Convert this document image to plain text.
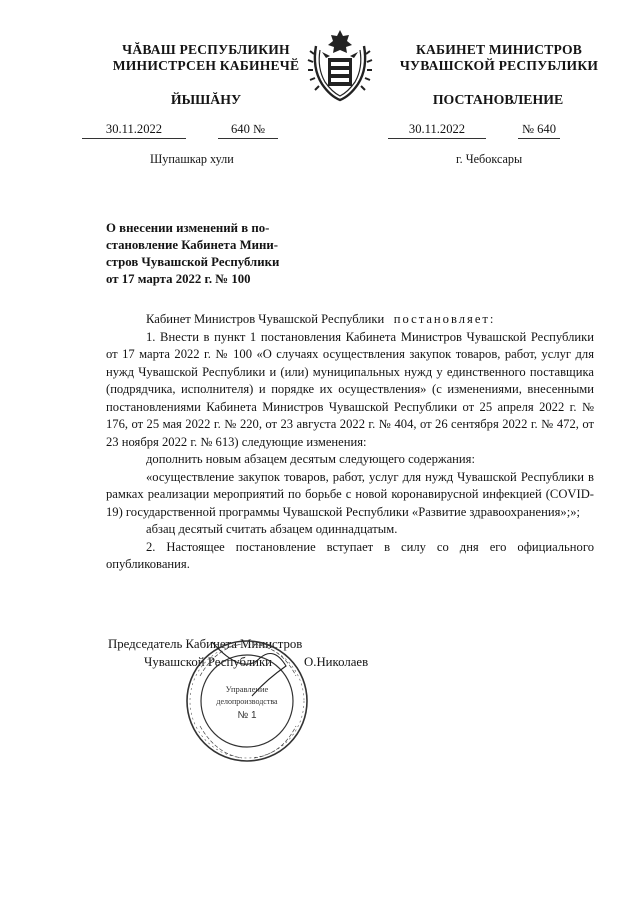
ЧĂВАШ РЕСПУБЛИКИН
МИНИСТРСЕН КАБИНЕЧӖ
ЙЫШĂНУ
КАБИНЕТ МИНИСТРОВ
ЧУВАШСКОЙ РЕСПУБЛИКИ
ПОСТАНОВЛЕНИЕ
30.11.2022	640 №	30.11.2022	№ 640
Шупашкар хули	г. Чебоксары
О внесении изменений в по-
становление Кабинета Мини-
стров Чувашской Республики
от 17 марта 2022 г. № 100

Кабинет Министров Чувашской Республики постановляет:

1. Внести в пункт 1 постановления Кабинета Министров Чувашской Республики от 17 марта 2022 г. № 100 «О случаях осуществления закупок товаров, работ, услуг для нужд Чувашской Республики и (или) муниципальных нужд у единственного поставщика (подрядчика, исполнителя) и порядке их осуществления» (с изменениями, внесенными постановлениями Кабинета Министров Чувашской Республики от 25 апреля 2022 г. № 176, от 25 мая 2022 г. № 220, от 23 августа 2022 г. № 404, от 26 сентября 2022 г. № 472, от 23 ноября 2022 г. № 613) следующие изменения:

дополнить новым абзацем десятым следующего содержания:

«осуществление закупок товаров, работ, услуг для нужд Чувашской Республики в рамках реализации мероприятий по борьбе с новой коронавирусной инфекцией (COVID-19) государственной программы Чувашской Республики «Развитие здравоохранения»;»;

абзац десятый считать абзацем одиннадцатым.

2. Настоящее постановление вступает в силу со дня его официального опубликования.

Председатель Кабинета Министров
Чувашской Республики	О.Николаев
Управление
делопроизводства
№ 1
